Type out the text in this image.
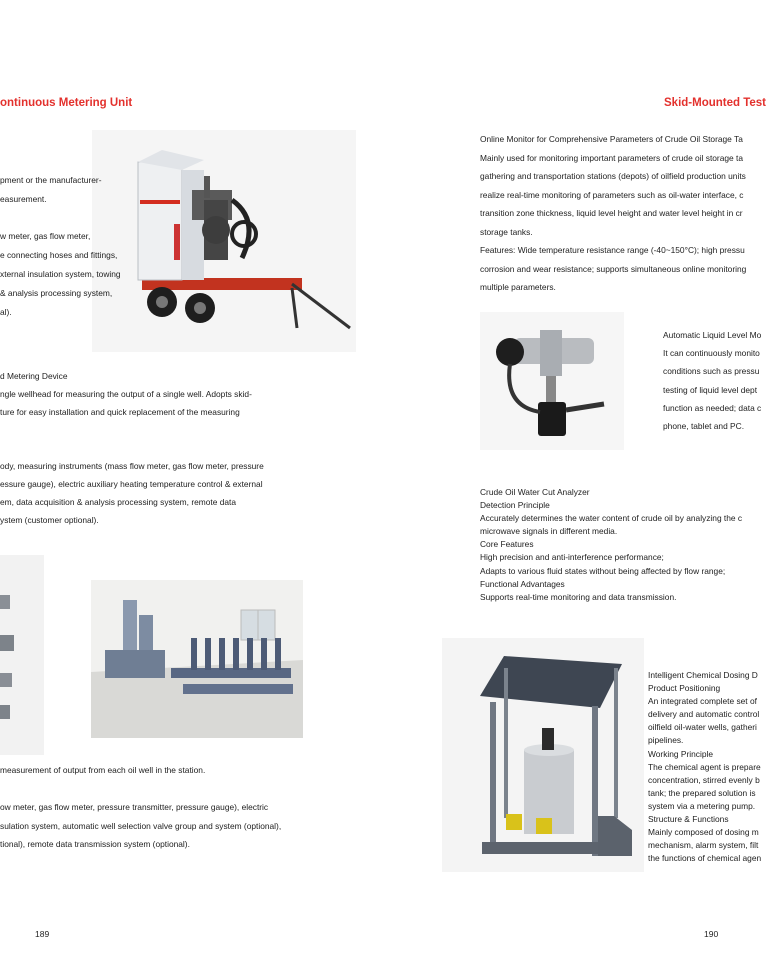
ontinuous Metering Unit
pment or the manufacturer-
easurement.
w meter, gas flow meter,
e connecting hoses and fittings,
xternal insulation system, towing
& analysis processing system,
al).
d Metering Device
ngle wellhead for measuring the output of a single well. Adopts skid-
ture for easy installation and quick replacement of the measuring
ody, measuring instruments (mass flow meter, gas flow meter, pressure
essure gauge), electric auxiliary heating temperature control & external
em, data acquisition & analysis processing system, remote data
ystem (customer optional).
measurement of output from each oil well in the station.
ow meter, gas flow meter, pressure transmitter, pressure gauge), electric
sulation system, automatic well selection valve group and system (optional),
tional), remote data transmission system (optional).
189
Skid-Mounted Test
Online Monitor for Comprehensive Parameters of Crude Oil Storage Ta
Mainly used for monitoring important parameters of crude oil storage ta
gathering and transportation stations (depots) of oilfield production units
realize real-time monitoring of parameters such as oil-water interface, c
transition zone thickness, liquid level height and water level height in cr
storage tanks.
Features: Wide temperature resistance range (-40~150°C); high pressu
corrosion and wear resistance; supports simultaneous online monitoring
multiple parameters.
Automatic Liquid Level Mo
It can continuously monito
conditions such as pressu
testing of liquid level dept
function as needed; data c
phone, tablet and PC.
Crude Oil Water Cut Analyzer
Detection Principle
Accurately determines the water content of crude oil by analyzing the c
microwave signals in different media.
Core Features
High precision and anti-interference performance;
Adapts to various fluid states without being affected by flow range;
Functional Advantages
Supports real-time monitoring and data transmission.
Intelligent Chemical Dosing D
Product Positioning
An integrated complete set of
delivery and automatic control
oilfield oil-water wells, gatheri
pipelines.
Working Principle
The chemical agent is prepare
concentration, stirred evenly b
tank; the prepared solution is
system via a metering pump.
Structure & Functions
Mainly composed of dosing m
mechanism, alarm system, filt
the functions of chemical agen
190
